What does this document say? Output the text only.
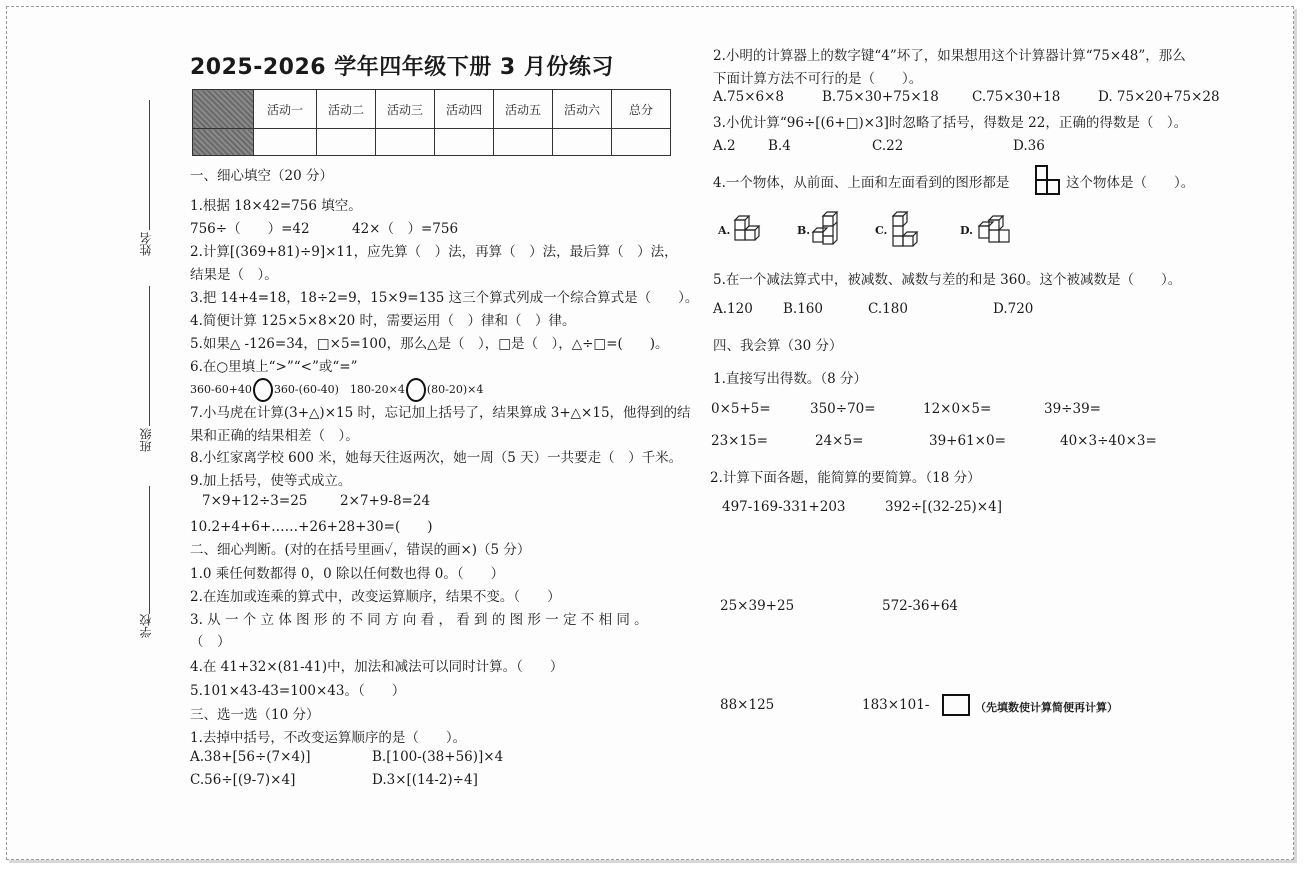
姓名
班级
学校
2025-2026 学年四年级下册 3 月份练习
	活动一	活动二	活动三	活动四	活动五	活动六	总分

一、细心填空（20 分）
1.根据 18×42=756 填空。
756÷（　　）=42	42×（　）=756
2.计算[(369+81)÷9]×11，应先算（　）法，再算（　）法，最后算（　）法，
结果是（　）。
3.把 14+4=18，18÷2=9，15×9=135 这三个算式列成一个综合算式是（　　）。
4.简便计算 125×5×8×20 时，需要运用（　）律和（　）律。
5.如果△ -126=34，□×5=100，那么△是（　），□是（　），△÷□=(　　)。
6.在○里填上“>”“<”或“=”
360-60+40 360-(60-40)　180-20×4 (80-20)×4
7.小马虎在计算(3+△)×15 时，忘记加上括号了，结果算成 3+△×15，他得到的结
果和正确的结果相差（　）。
8.小红家离学校 600 米，她每天往返两次，她一周（5 天）一共要走（　）千米。
9.加上括号，使等式成立。
7×9+12÷3=25 2×7+9-8=24
10.2+4+6+……+26+28+30=(　　)
二、细心判断。(对的在括号里画✓，错误的画×)（5 分）
1.0 乘任何数都得 0，0 除以任何数也得 0。（　　）
2.在连加或连乘的算式中，改变运算顺序，结果不变。（　　）
3. 从 一 个 立 体 图 形 的 不 同 方 向 看 ， 看 到 的 图 形 一 定 不 相 同 。
（　）
4.在 41+32×(81-41)中，加法和减法可以同时计算。（　　）
5.101×43-43=100×43。（　　）
三、选一选（10 分）
1.去掉中括号，不改变运算顺序的是（　　）。
A.38+[56÷(7×4)]	B.[100-(38+56)]×4
C.56÷[(9-7)×4]	D.3×[(14-2)÷4]
2.小明的计算器上的数字键“4”坏了，如果想用这个计算器计算“75×48”，那么
下面计算方法不可行的是（　　）。
A.75×6×8	B.75×30+75×18 C.75×30+18	D. 75×20+75×28
3.小优计算“96÷[(6+□)×3]时忽略了括号，得数是 22，正确的得数是（　）。
A.2 B.4	C.22	D.36
4.一个物体，从前面、上面和左面看到的图形都是	这个物体是（　　）。
A.	B.	C.	D.
5.在一个减法算式中，被减数、减数与差的和是 360。这个被减数是（　　）。
A.120 B.160	C.180	D.720
四、我会算（30 分）
1.直接写出得数。（8 分）
0×5+5=	350÷70=	12×0×5=	39÷39=
23×15=	24×5=	39+61×0=	40×3÷40×3=
2.计算下面各题，能简算的要简算。（18 分）
497-169-331+203	392÷[(32-25)×4]
25×39+25	572-36+64
88×125	183×101-	（先填数使计算简便再计算）
